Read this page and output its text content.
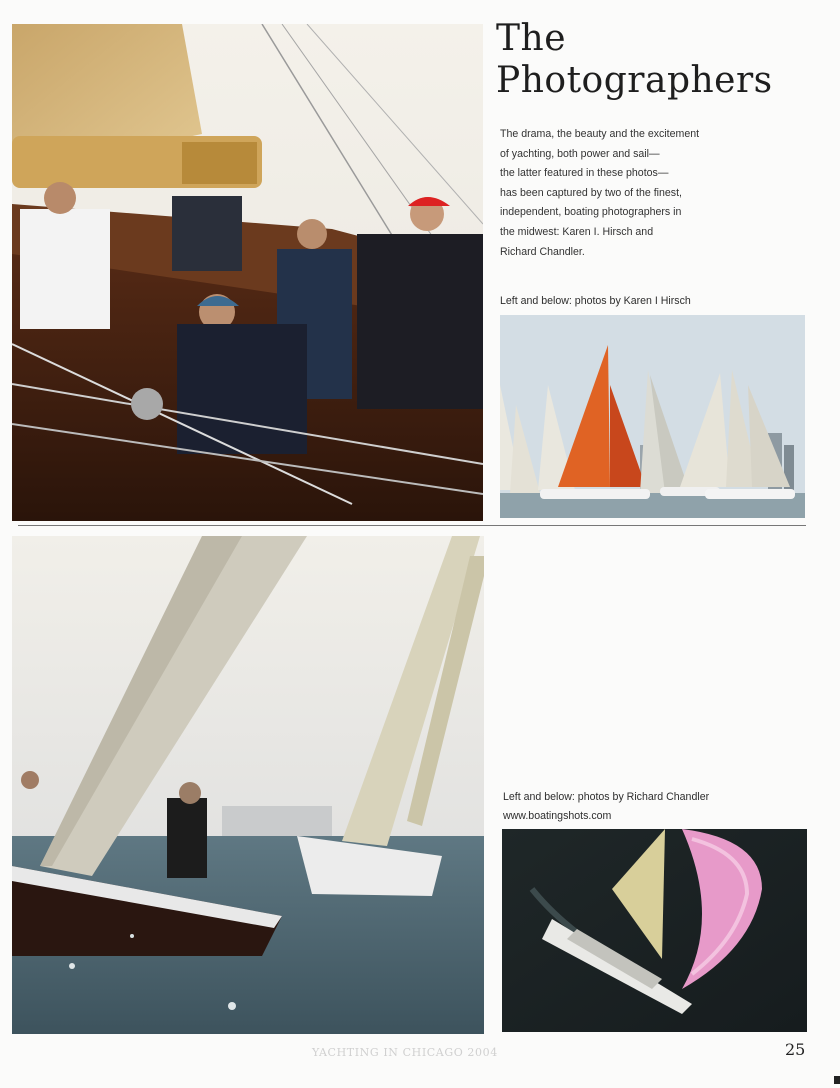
The
Photographers
The drama, the beauty and the excitement
of yachting, both power and sail—
the latter featured in these photos—
has been captured by two of the finest,
independent, boating photographers in
the midwest: Karen I. Hirsch and
Richard Chandler.
Left and below: photos by Karen I Hirsch
Left and below: photos by Richard Chandler
www.boatingshots.com
YACHTING IN CHICAGO 2004	25
